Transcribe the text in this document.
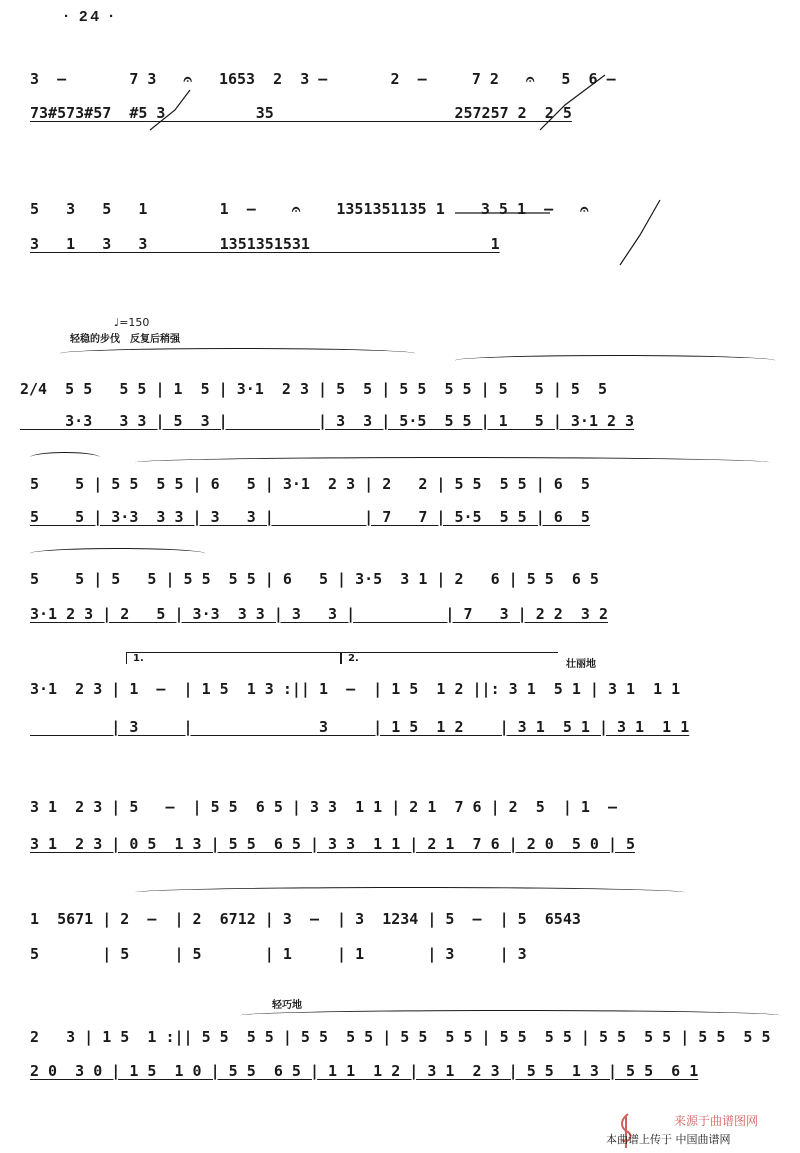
· 24 ·

3  —       7 3   𝄐   1653  2  3 —       2  —     7 2   𝄐   5  6 —

73#573#57  #5 3          35                    257257 2  2 5

5   3   5   1        1  —    𝄐    1351351135 1    3 5 1  —   𝄐

3   1   3   3        1351351531                    1

♩=150
轻稳的步伐　反复后稍强

2/4  5 5   5 5 | 1  5 | 3·1  2 3 | 5  5 | 5 5  5 5 | 5   5 | 5  5

3·3   3 3 | 5  3 |          | 3  3 | 5·5  5 5 | 1   5 | 3·1 2 3

5    5 | 5 5  5 5 | 6   5 | 3·1  2 3 | 2   2 | 5 5  5 5 | 6  5

5    5 | 3·3  3 3 | 3   3 |          | 7   7 | 5·5  5 5 | 6  5

5    5 | 5   5 | 5 5  5 5 | 6   5 | 3·5  3 1 | 2   6 | 5 5  6 5

3·1 2 3 | 2   5 | 3·3  3 3 | 3   3 |          | 7   3 | 2 2  3 2

1.	2.
壮丽地

3·1  2 3 | 1  —  | 1 5  1 3 :|| 1  —  | 1 5  1 2 ||: 3 1  5 1 | 3 1  1 1

| 3     |              3     | 1 5  1 2    | 3 1  5 1 | 3 1  1 1

3 1  2 3 | 5   —  | 5 5  6 5 | 3 3  1 1 | 2 1  7 6 | 2  5  | 1  —

3 1  2 3 | 0 5  1 3 | 5 5  6 5 | 3 3  1 1 | 2 1  7 6 | 2 0  5 0 | 5

1  5671 | 2  —  | 2  6712 | 3  —  | 3  1234 | 5  —  | 5  6543

5       | 5     | 5       | 1     | 1       | 3     | 3

轻巧地

2   3 | 1 5  1 :|| 5 5  5 5 | 5 5  5 5 | 5 5  5 5 | 5 5  5 5 | 5 5  5 5 | 5 5  5 5

2 0  3 0 | 1 5  1 0 | 5 5  6 5 | 1 1  1 2 | 3 1  2 3 | 5 5  1 3 | 5 5  6 1

来源于曲谱图网
本曲谱上传于 中国曲谱网
